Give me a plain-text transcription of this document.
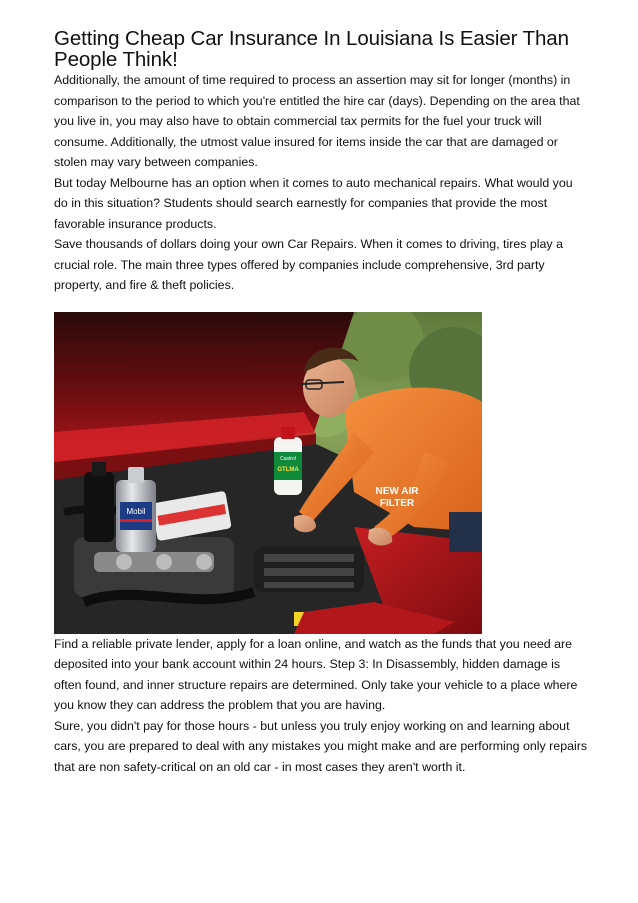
Getting Cheap Car Insurance In Louisiana Is Easier Than People Think!

Additionally, the amount of time required to process an assertion may sit for longer (months) in comparison to the period to which you're entitled the hire car (days). Depending on the area that you live in, you may also have to obtain commercial tax permits for the fuel your truck will consume. Additionally, the utmost value insured for items inside the car that are damaged or stolen may vary between companies.

But today Melbourne has an option when it comes to auto mechanical repairs. What would you do in this situation? Students should search earnestly for companies that provide the most favorable insurance products.

Save thousands of dollars doing your own Car Repairs. When it comes to driving, tires play a crucial role. The main three types offered by companies include comprehensive, 3rd party property, and fire & theft policies.

Mobil
Castrol
GTLMA
NEW AIR
FILTER

Find a reliable private lender, apply for a loan online, and watch as the funds that you need are deposited into your bank account within 24 hours. Step 3: In Disassembly, hidden damage is often found, and inner structure repairs are determined. Only take your vehicle to a place where you know they can address the problem that you are having.

Sure, you didn't pay for those hours - but unless you truly enjoy working on and learning about cars, you are prepared to deal with any mistakes you might make and are performing only repairs that are non safety-critical on an old car - in most cases they aren't worth it.
